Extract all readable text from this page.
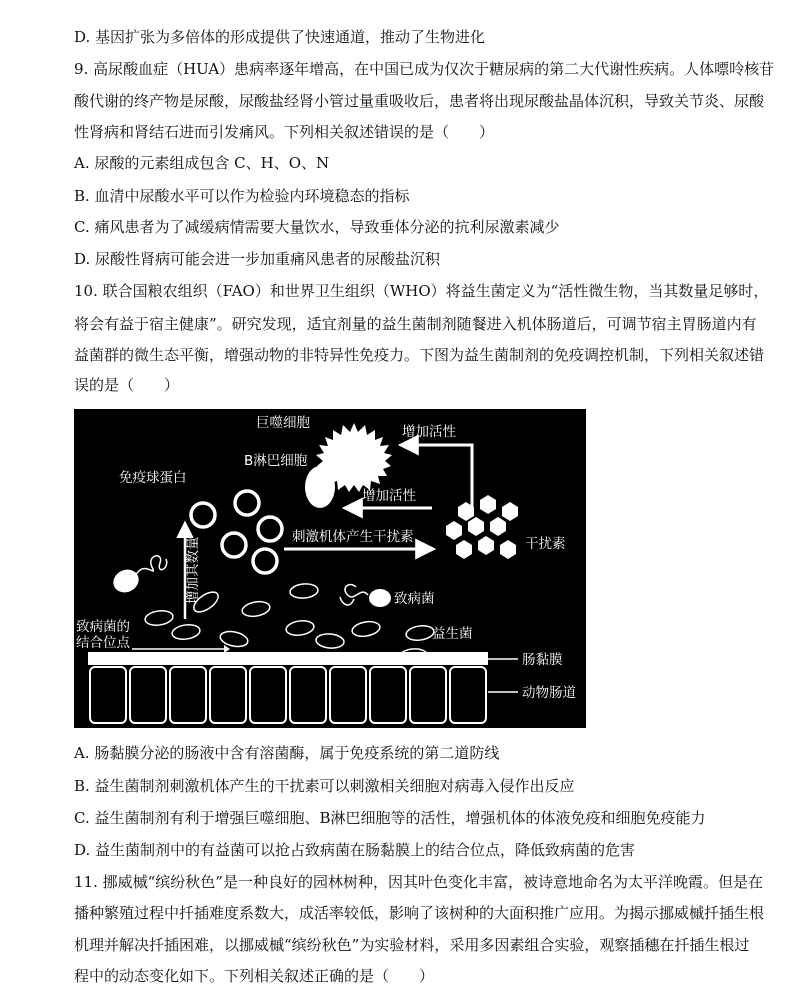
D. 基因扩张为多倍体的形成提供了快速通道，推动了生物进化
9. 高尿酸血症（HUA）患病率逐年增高，在中国已成为仅次于糖尿病的第二大代谢性疾病。人体嘌呤核苷
酸代谢的终产物是尿酸，尿酸盐经肾小管过量重吸收后，患者将出现尿酸盐晶体沉积，导致关节炎、尿酸
性肾病和肾结石进而引发痛风。下列相关叙述错误的是（　　）
A. 尿酸的元素组成包含 C、H、O、N
B. 血清中尿酸水平可以作为检验内环境稳态的指标
C. 痛风患者为了减缓病情需要大量饮水，导致垂体分泌的抗利尿激素减少
D. 尿酸性肾病可能会进一步加重痛风患者的尿酸盐沉积
10. 联合国粮农组织（FAO）和世界卫生组织（WHO）将益生菌定义为“活性微生物，当其数量足够时，
将会有益于宿主健康”。研究发现，适宜剂量的益生菌制剂随餐进入机体肠道后，可调节宿主胃肠道内有
益菌群的微生态平衡，增强动物的非特异性免疫力。下图为益生菌制剂的免疫调控机制，下列相关叙述错
误的是（　　）
A. 肠黏膜分泌的肠液中含有溶菌酶，属于免疫系统的第二道防线
B. 益生菌制剂刺激机体产生的干扰素可以刺激相关细胞对病毒入侵作出反应
C. 益生菌制剂有利于增强巨噬细胞、B淋巴细胞等的活性，增强机体的体液免疫和细胞免疫能力
D. 益生菌制剂中的有益菌可以抢占致病菌在肠黏膜上的结合位点，降低致病菌的危害
11. 挪威槭“缤纷秋色”是一种良好的园林树种，因其叶色变化丰富，被诗意地命名为太平洋晚霞。但是在
播种繁殖过程中扦插难度系数大，成活率较低，影响了该树种的大面积推广应用。为揭示挪威槭扦插生根
机理并解决扦插困难，以挪威槭“缤纷秋色”为实验材料，采用多因素组合实验，观察插穗在扦插生根过
程中的动态变化如下。下列相关叙述正确的是（　　）
巨噬细胞
增加活性
B淋巴细胞
增加活性
免疫球蛋白
增加其数量	刺激机体产生干扰素	干扰素
致病菌
益生菌
致病菌的
结合位点
肠黏膜
动物肠道
